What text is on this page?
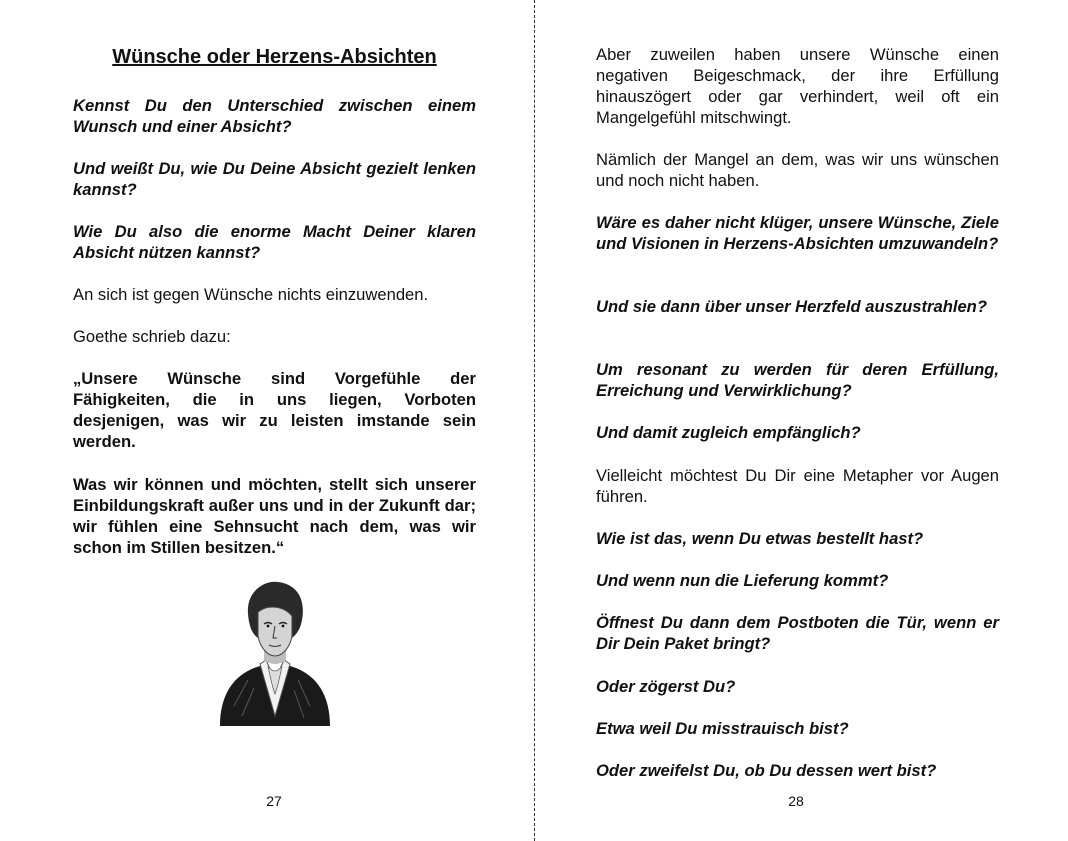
Wünsche oder Herzens-Absichten

Kennst Du den Unterschied zwischen einem Wunsch und einer Absicht?

Und weißt Du, wie Du Deine Absicht gezielt lenken kannst?

Wie Du also die enorme Macht Deiner klaren Absicht nützen kannst?

An sich ist gegen Wünsche nichts einzuwenden.

Goethe schrieb dazu:

„Unsere Wünsche sind Vorgefühle der Fähigkeiten, die in uns liegen, Vorboten desjenigen, was wir zu leisten imstande sein werden.

Was wir können und möchten, stellt sich unserer Einbildungskraft außer uns und in der Zukunft dar; wir fühlen eine Sehnsucht nach dem, was wir schon im Stillen besitzen.“

27

Aber zuweilen haben unsere Wünsche einen negativen Beigeschmack, der ihre Erfüllung hinauszögert oder gar verhindert, weil oft ein Mangelgefühl mitschwingt.

Nämlich der Mangel an dem, was wir uns wünschen und noch nicht haben.

Wäre es daher nicht klüger, unsere Wünsche, Ziele und Visionen in Herzens-Absichten umzuwandeln?

Und sie dann über unser Herzfeld auszustrahlen?

Um resonant zu werden für deren Erfüllung, Erreichung und Verwirklichung?

Und damit zugleich empfänglich?

Vielleicht möchtest Du Dir eine Metapher vor Augen führen.

Wie ist das, wenn Du etwas bestellt hast?

Und wenn nun die Lieferung kommt?

Öffnest Du dann dem Postboten die Tür, wenn er Dir Dein Paket bringt?

Oder zögerst Du?

Etwa weil Du misstrauisch bist?

Oder zweifelst Du, ob Du dessen wert bist?

28
